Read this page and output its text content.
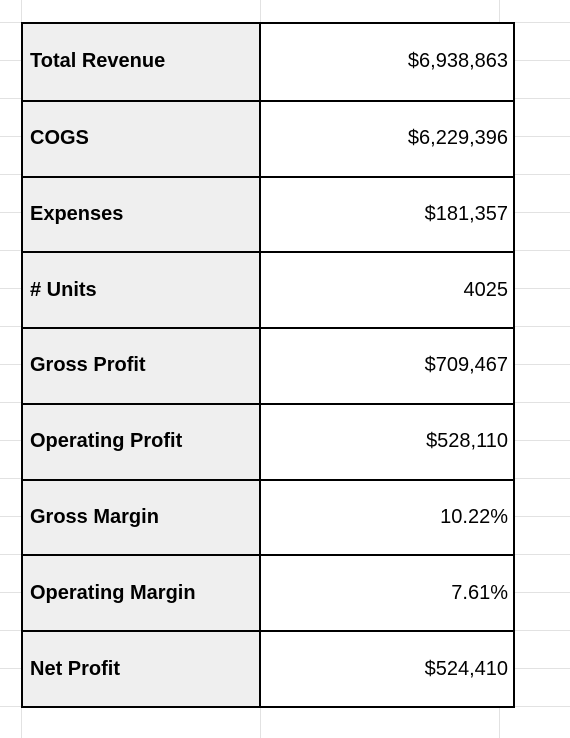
Total Revenue	$6,938,863
COGS	$6,229,396
Expenses	$181,357
# Units	4025
Gross Profit	$709,467
Operating Profit	$528,110
Gross Margin	10.22%
Operating Margin	7.61%
Net Profit	$524,410
